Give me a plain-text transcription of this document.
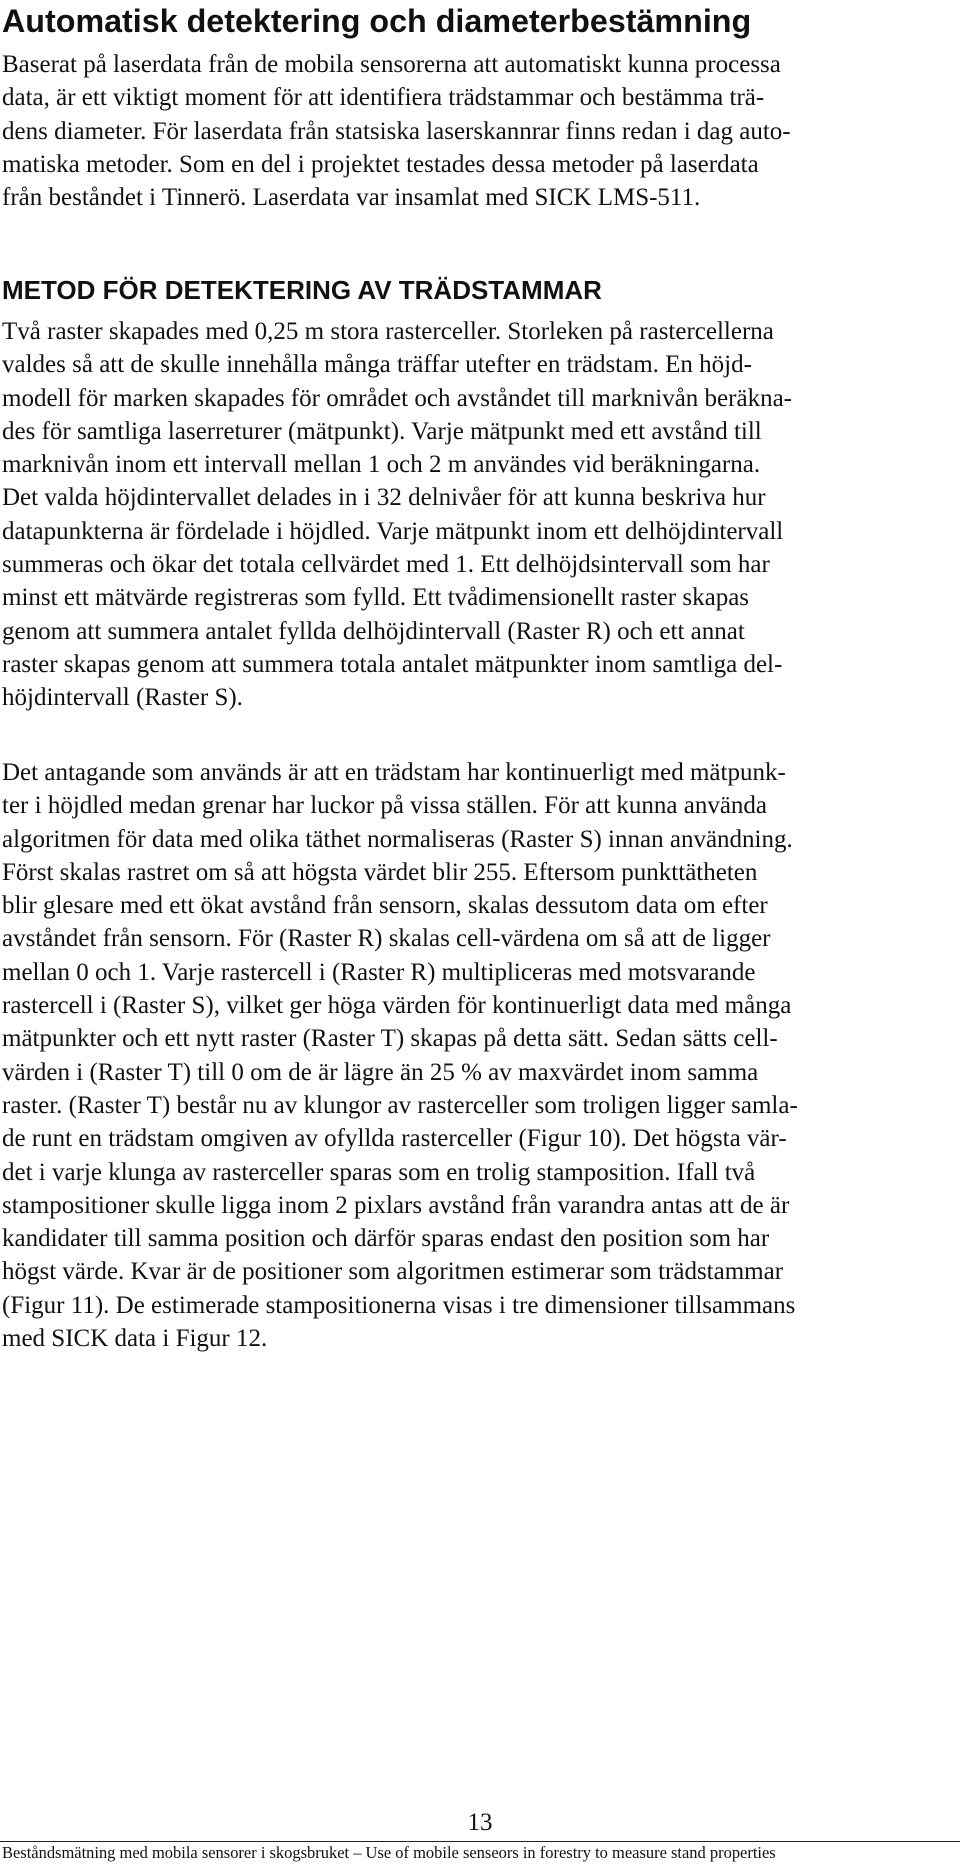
Automatisk detektering och diameterbestämning
Baserat på laserdata från de mobila sensorerna att automatiskt kunna processa
data, är ett viktigt moment för att identifiera trädstammar och bestämma trä-
dens diameter. För laserdata från statsiska laserskannrar finns redan i dag auto-
matiska metoder. Som en del i projektet testades dessa metoder på laserdata
från beståndet i Tinnerö. Laserdata var insamlat med SICK LMS-511.
METOD FÖR DETEKTERING AV TRÄDSTAMMAR
Två raster skapades med 0,25 m stora rasterceller. Storleken på rastercellerna
valdes så att de skulle innehålla många träffar utefter en trädstam. En höjd-
modell för marken skapades för området och avståndet till marknivån beräkna-
des för samtliga laserreturer (mätpunkt). Varje mätpunkt med ett avstånd till
marknivån inom ett intervall mellan 1 och 2 m användes vid beräkningarna.
Det valda höjdintervallet delades in i 32 delnivåer för att kunna beskriva hur
datapunkterna är fördelade i höjdled. Varje mätpunkt inom ett delhöjdintervall
summeras och ökar det totala cellvärdet med 1. Ett delhöjdsintervall som har
minst ett mätvärde registreras som fylld. Ett tvådimensionellt raster skapas
genom att summera antalet fyllda delhöjdintervall (Raster R) och ett annat
raster skapas genom att summera totala antalet mätpunkter inom samtliga del-
höjdintervall (Raster S).
Det antagande som används är att en trädstam har kontinuerligt med mätpunk-
ter i höjdled medan grenar har luckor på vissa ställen. För att kunna använda
algoritmen för data med olika täthet normaliseras (Raster S) innan användning.
Först skalas rastret om så att högsta värdet blir 255. Eftersom punkttätheten
blir glesare med ett ökat avstånd från sensorn, skalas dessutom data om efter
avståndet från sensorn. För (Raster R) skalas cell-värdena om så att de ligger
mellan 0 och 1. Varje rastercell i (Raster R) multipliceras med motsvarande
rastercell i (Raster S), vilket ger höga värden för kontinuerligt data med många
mätpunkter och ett nytt raster (Raster T) skapas på detta sätt. Sedan sätts cell-
värden i (Raster T) till 0 om de är lägre än 25 % av maxvärdet inom samma
raster. (Raster T) består nu av klungor av rasterceller som troligen ligger samla-
de runt en trädstam omgiven av ofyllda rasterceller (Figur 10). Det högsta vär-
det i varje klunga av rasterceller sparas som en trolig stamposition. Ifall två
stampositioner skulle ligga inom 2 pixlars avstånd från varandra antas att de är
kandidater till samma position och därför sparas endast den position som har
högst värde. Kvar är de positioner som algoritmen estimerar som trädstammar
(Figur 11). De estimerade stampositionerna visas i tre dimensioner tillsammans
med SICK data i Figur 12.
13
Beståndsmätning med mobila sensorer i skogsbruket – Use of mobile senseors in forestry to measure stand properties
